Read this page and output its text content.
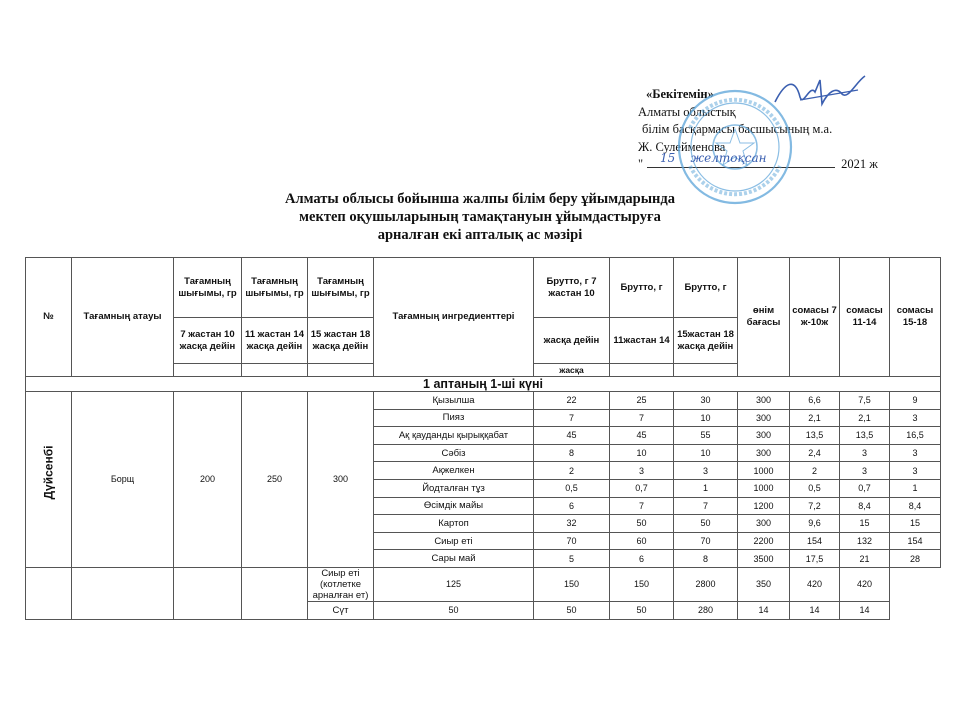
«Бекітемін»
Алматы облыстық
білім басқармасы басшысының м.а.
Ж. Сулейменова
"	2021 ж
15    желтоқсан
Алматы облысы бойынша жалпы білім беру ұйымдарында
мектеп оқушыларының тамақтануын ұйымдастыруға
арналған екі апталық ас мәзірі
№	Тағамның атауы	Тағамның шығымы, гр	Тағамның шығымы, гр	Тағамның шығымы, гр	Тағамның ингредиенттері	Брутто, г 7 жастан 10	Брутто, г	Брутто, г	өнім бағасы	сомасы 7 ж-10ж	сомасы 11-14	сомасы 15-18
		7 жастан 10 жасқа дейін	11 жастан 14 жасқа дейін	15 жастан 18 жасқа дейін		жасқа дейін	11жастан 14	15жастан 18 жасқа дейін				
						жасқа						
1 аптаның 1-ші күні												

Дүйсенбі	Борщ	200	250	300	Қызылша	22	25	30	300	6,6	7,5	9
					Пияз	7	7	10	300	2,1	2,1	3
					Ақ қауданды қырыққабат	45	45	55	300	13,5	13,5	16,5
					Сәбіз	8	10	10	300	2,4	3	3
					Ақжелкен	2	3	3	1000	2	3	3
					Йодталған тұз	0,5	0,7	1	1000	0,5	0,7	1
					Өсімдік майы	6	7	7	1200	7,2	8,4	8,4
					Картоп	32	50	50	300	9,6	15	15
					Сиыр еті	70	60	70	2200	154	132	154
					Сары май	5	6	8	3500	17,5	21	28
				Сиыр еті (котлетке арналған ет)	125	150	150	2800	350	420	420	
				Сүт	50	50	50	280	14	14	14	
